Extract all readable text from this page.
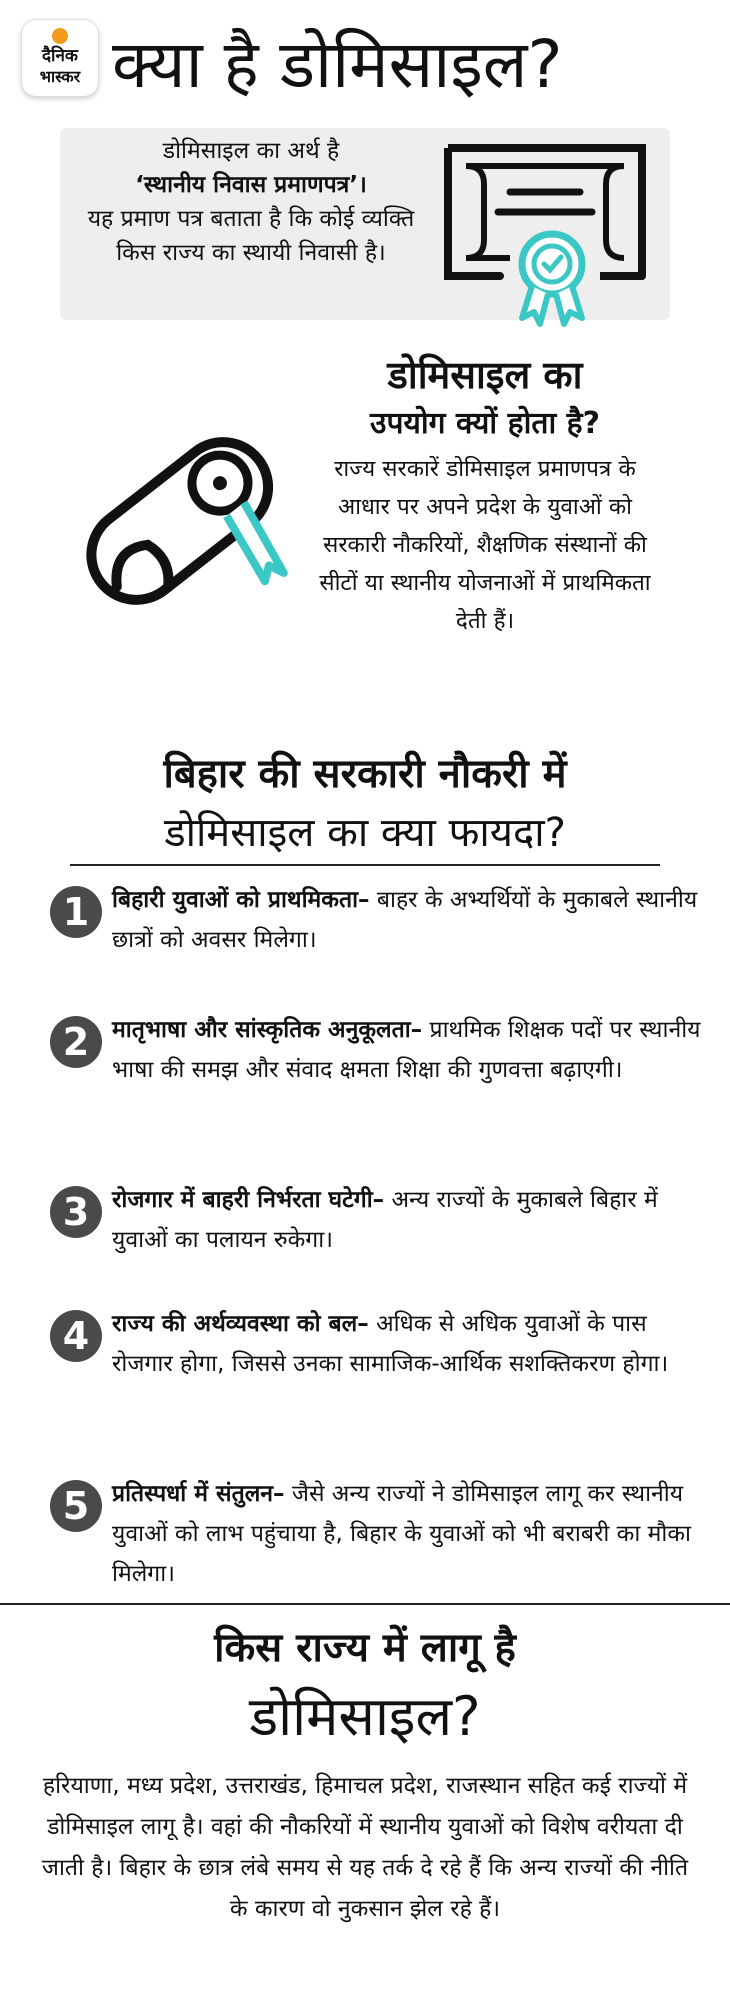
दैनिक
भास्कर क्या है डोमिसाइल?
डोमिसाइल का अर्थ है
‘स्थानीय निवास प्रमाणपत्र’।
यह प्रमाण पत्र बताता है कि कोई व्यक्ति किस राज्य का स्थायी निवासी है।
डोमिसाइल का
उपयोग क्यों होता है?
राज्य सरकारें डोमिसाइल प्रमाणपत्र के आधार पर अपने प्रदेश के युवाओं को सरकारी नौकरियों, शैक्षणिक संस्थानों की सीटों या स्थानीय योजनाओं में प्राथमिकता देती हैं।
बिहार की सरकारी नौकरी में
डोमिसाइल का क्या फायदा?
1 बिहारी युवाओं को प्राथमिकता– बाहर के अभ्यर्थियों के मुकाबले स्थानीय छात्रों को अवसर मिलेगा।
2 मातृभाषा और सांस्कृतिक अनुकूलता– प्राथमिक शिक्षक पदों पर स्थानीय भाषा की समझ और संवाद क्षमता शिक्षा की गुणवत्ता बढ़ाएगी।
3 रोजगार में बाहरी निर्भरता घटेगी– अन्य राज्यों के मुकाबले बिहार में युवाओं का पलायन रुकेगा।
4 राज्य की अर्थव्यवस्था को बल– अधिक से अधिक युवाओं के पास रोजगार होगा, जिससे उनका सामाजिक-आर्थिक सशक्तिकरण होगा।
5 प्रतिस्पर्धा में संतुलन– जैसे अन्य राज्यों ने डोमिसाइल लागू कर स्थानीय युवाओं को लाभ पहुंचाया है, बिहार के युवाओं को भी बराबरी का मौका मिलेगा।
किस राज्य में लागू है
डोमिसाइल?
हरियाणा, मध्य प्रदेश, उत्तराखंड, हिमाचल प्रदेश, राजस्थान सहित कई राज्यों में डोमिसाइल लागू है। वहां की नौकरियों में स्थानीय युवाओं को विशेष वरीयता दी जाती है। बिहार के छात्र लंबे समय से यह तर्क दे रहे हैं कि अन्य राज्यों की नीति के कारण वो नुकसान झेल रहे हैं।
